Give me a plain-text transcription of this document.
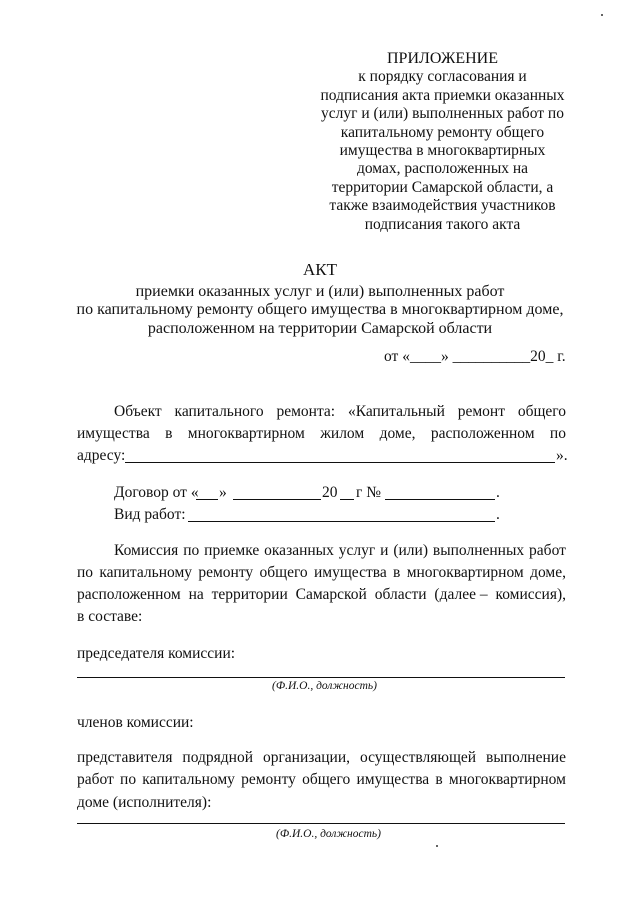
ПРИЛОЖЕНИЕ
к порядку согласования и
подписания акта приемки оказанных
услуг и (или) выполненных работ по
капитальному ремонту общего
имущества в многоквартирных
домах, расположенных на
территории Самарской области, а
также взаимодействия участников
подписания такого акта
АКТ
приемки оказанных услуг и (или) выполненных работ
по капитальному ремонту общего имущества в многоквартирном доме,
расположенном на территории Самарской области
от «____» __________20_ г.
Объект капитального ремонта: «Капитальный ремонт общего
имущества в многоквартирном жилом доме, расположенном по
адресу:	».
Договор от « »	20 г №	.
Вид работ:	.
Комиссия по приемке оказанных услуг и (или) выполненных работ
по капитальному ремонту общего имущества в многоквартирном доме,
расположенном на территории Самарской области (далее – комиссия),
в составе:
председателя комиссии:
(Ф.И.О., должность)
членов комиссии:
представителя подрядной организации, осуществляющей выполнение
работ по капитальному ремонту общего имущества в многоквартирном
доме (исполнителя):
(Ф.И.О., должность)
